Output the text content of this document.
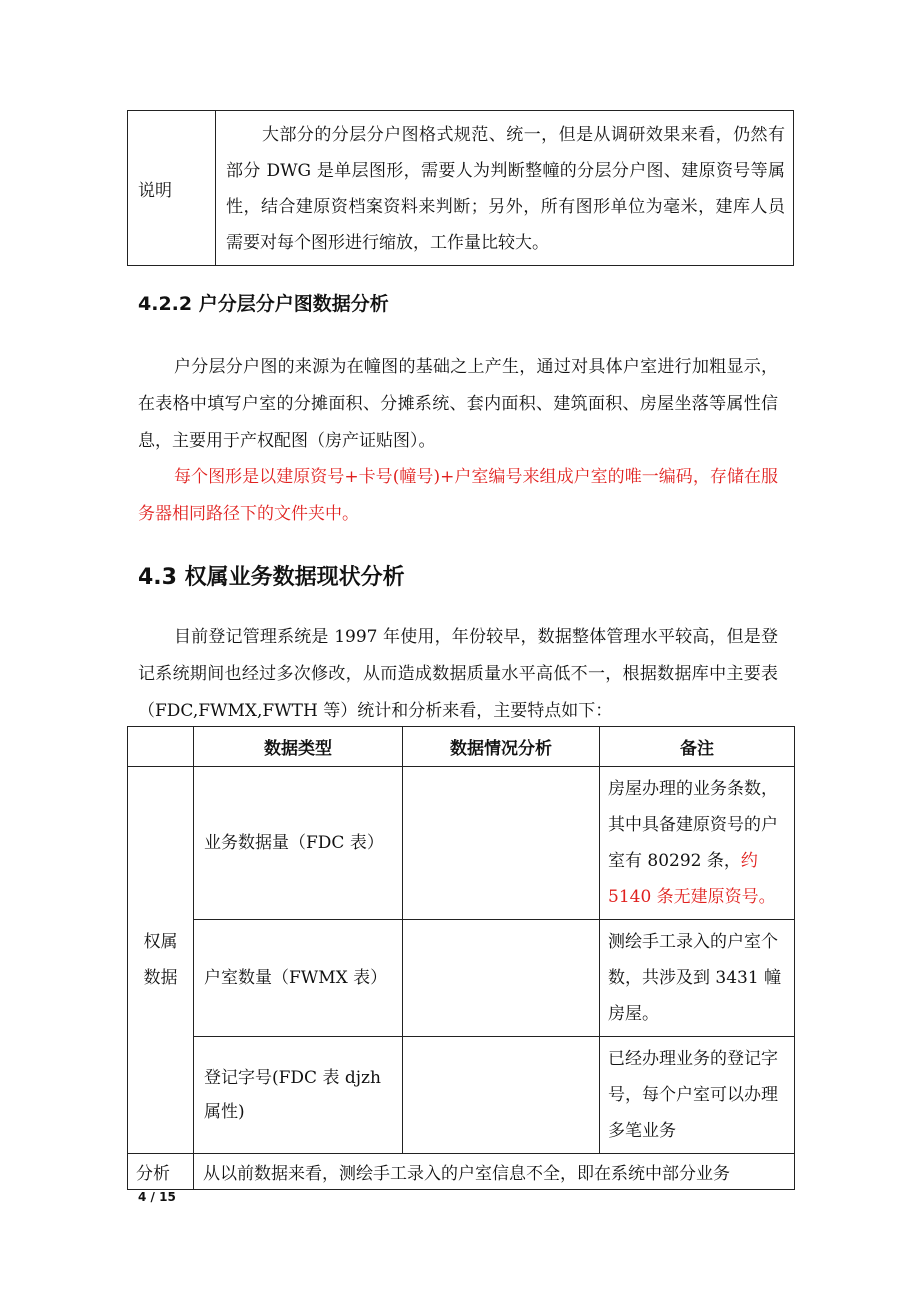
说明	大部分的分层分户图格式规范、统一，但是从调研效果来看，仍然有部分 DWG 是单层图形，需要人为判断整幢的分层分户图、建原资号等属性，结合建原资档案资料来判断；另外，所有图形单位为毫米，建库人员需要对每个图形进行缩放，工作量比较大。
4.2.2 户分层分户图数据分析

户分层分户图的来源为在幢图的基础之上产生，通过对具体户室进行加粗显示，在表格中填写户室的分摊面积、分摊系统、套内面积、建筑面积、房屋坐落等属性信息，主要用于产权配图（房产证贴图）。

每个图形是以建原资号+卡号(幢号)+户室编号来组成户室的唯一编码，存储在服务器相同路径下的文件夹中。

4.3 权属业务数据现状分析

目前登记管理系统是 1997 年使用，年份较早，数据整体管理水平较高，但是登记系统期间也经过多次修改，从而造成数据质量水平高低不一，根据数据库中主要表（FDC,FWMX,FWTH 等）统计和分析来看，主要特点如下：

	数据类型	数据情况分析	备注
权属数据	业务数据量（FDC 表）		房屋办理的业务条数，其中具备建原资号的户室有 80292 条，约 5140 条无建原资号。
	户室数量（FWMX 表）		测绘手工录入的户室个数，共涉及到 3431 幢房屋。
	登记字号(FDC 表 djzh 属性)		已经办理业务的登记字号，每个户室可以办理多笔业务
分析	从以前数据来看，测绘手工录入的户室信息不全，即在系统中部分业务		
4 / 15
